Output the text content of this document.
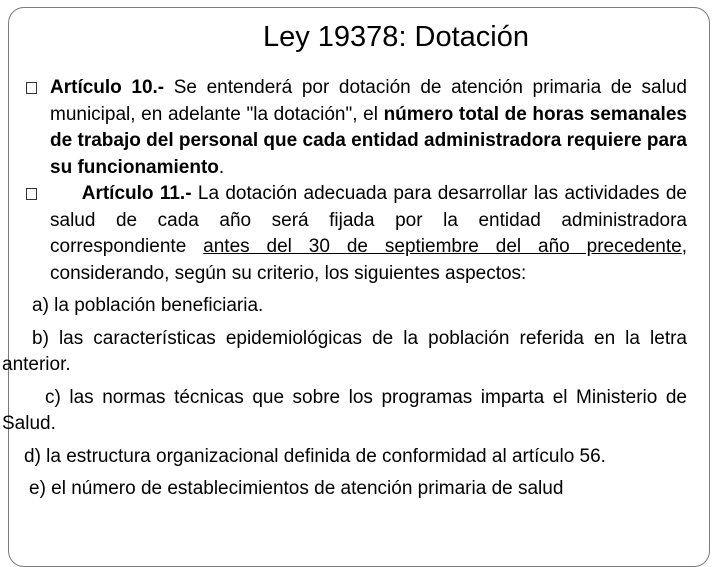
Ley 19378: Dotación

Artículo 10.- Se entenderá por dotación de atención primaria de salud municipal, en adelante "la dotación", el número total de horas semanales de trabajo del personal que cada entidad administradora requiere para su funcionamiento.

Artículo 11.- La dotación adecuada para desarrollar las actividades de salud de cada año será fijada por la entidad administradora correspondiente antes del 30 de septiembre del año precedente, considerando, según su criterio, los siguientes aspectos:

a) la población beneficiaria.

b) las características epidemiológicas de la población referida en la letra anterior.

c) las normas técnicas que sobre los programas imparta el Ministerio de Salud.

d) la estructura organizacional definida de conformidad al artículo 56.

e) el número de establecimientos de atención primaria de salud
